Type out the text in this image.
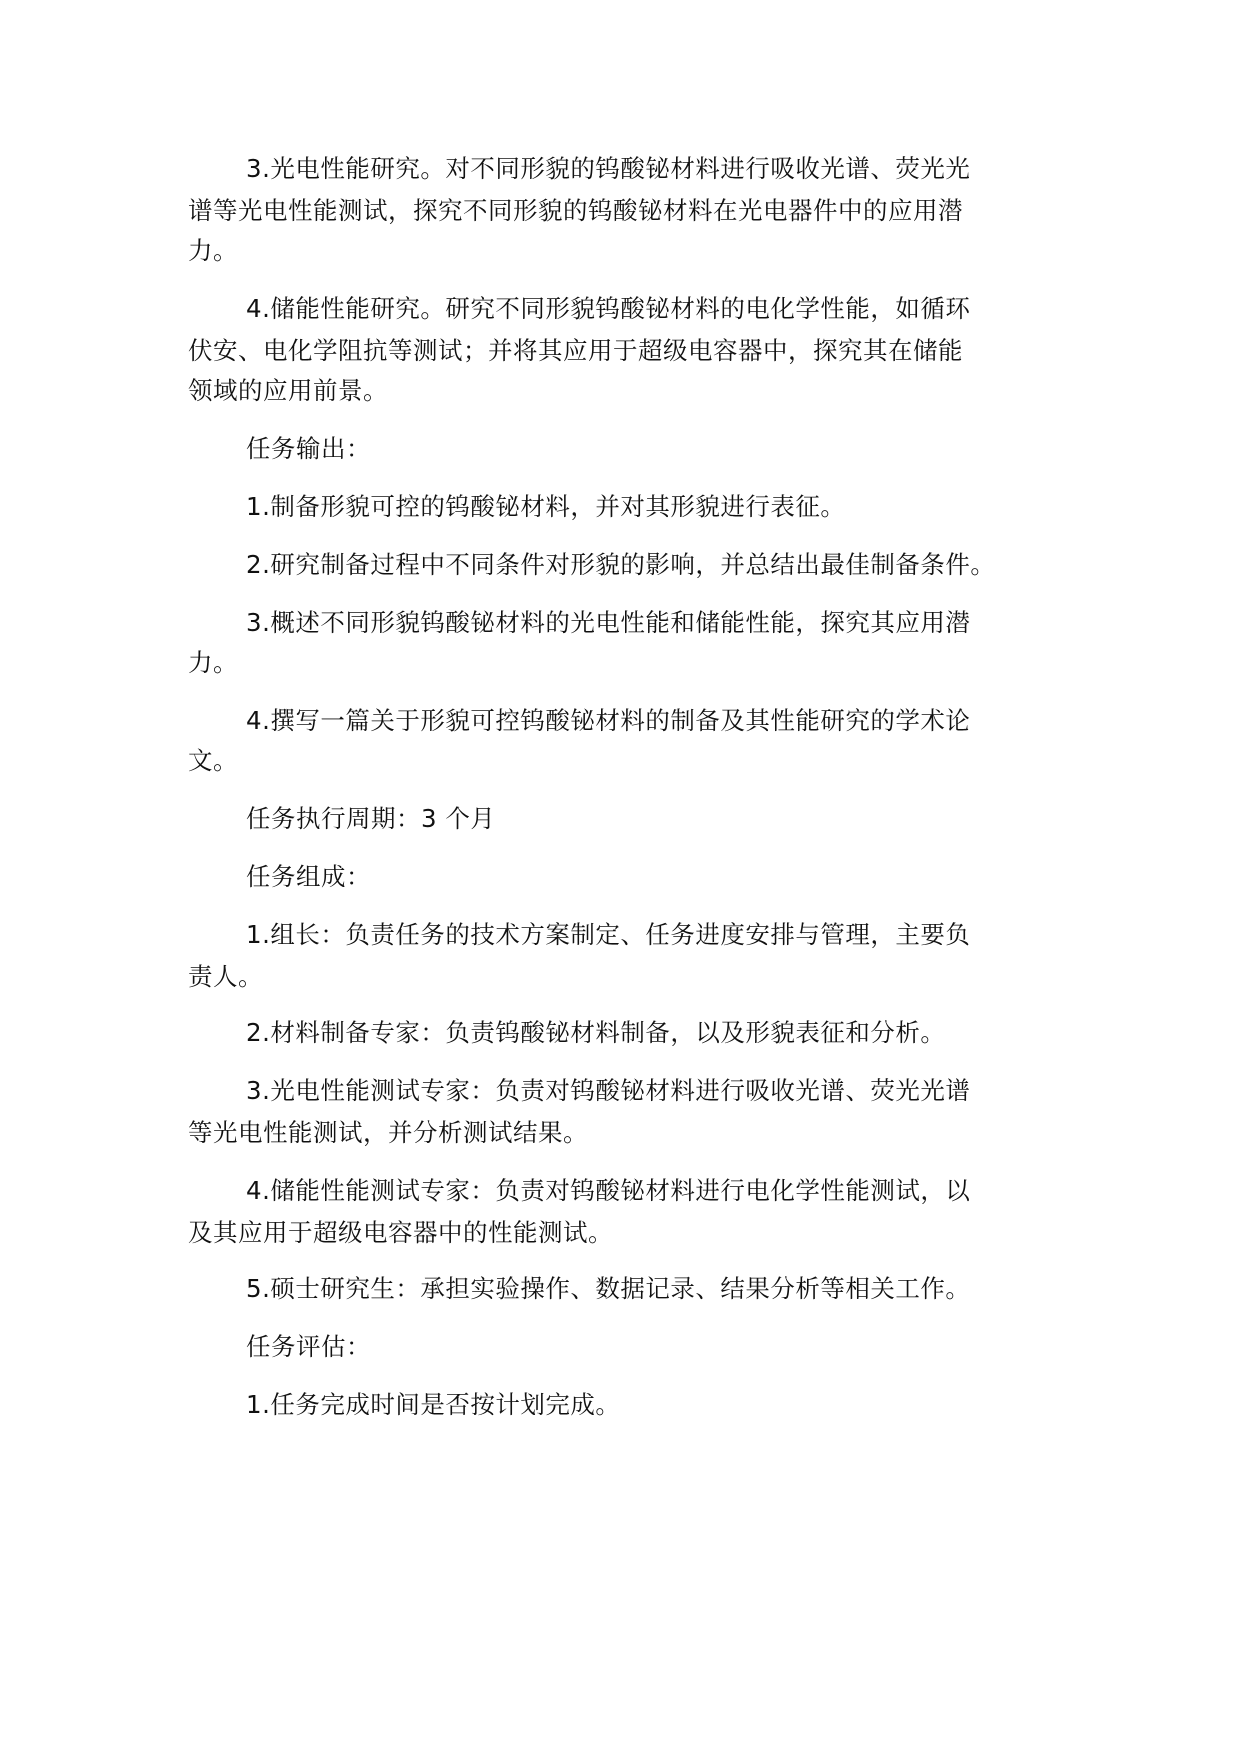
3.光电性能研究。对不同形貌的钨酸铋材料进行吸收光谱、荧光光
谱等光电性能测试，探究不同形貌的钨酸铋材料在光电器件中的应用潜
力。
4.储能性能研究。研究不同形貌钨酸铋材料的电化学性能，如循环
伏安、电化学阻抗等测试；并将其应用于超级电容器中，探究其在储能
领域的应用前景。
任务输出：
1.制备形貌可控的钨酸铋材料，并对其形貌进行表征。
2.研究制备过程中不同条件对形貌的影响，并总结出最佳制备条件。
3.概述不同形貌钨酸铋材料的光电性能和储能性能，探究其应用潜
力。
4.撰写一篇关于形貌可控钨酸铋材料的制备及其性能研究的学术论
文。
任务执行周期：3 个月
任务组成：
1.组长：负责任务的技术方案制定、任务进度安排与管理，主要负
责人。
2.材料制备专家：负责钨酸铋材料制备，以及形貌表征和分析。
3.光电性能测试专家：负责对钨酸铋材料进行吸收光谱、荧光光谱
等光电性能测试，并分析测试结果。
4.储能性能测试专家：负责对钨酸铋材料进行电化学性能测试，以
及其应用于超级电容器中的性能测试。
5.硕士研究生：承担实验操作、数据记录、结果分析等相关工作。
任务评估：
1.任务完成时间是否按计划完成。
